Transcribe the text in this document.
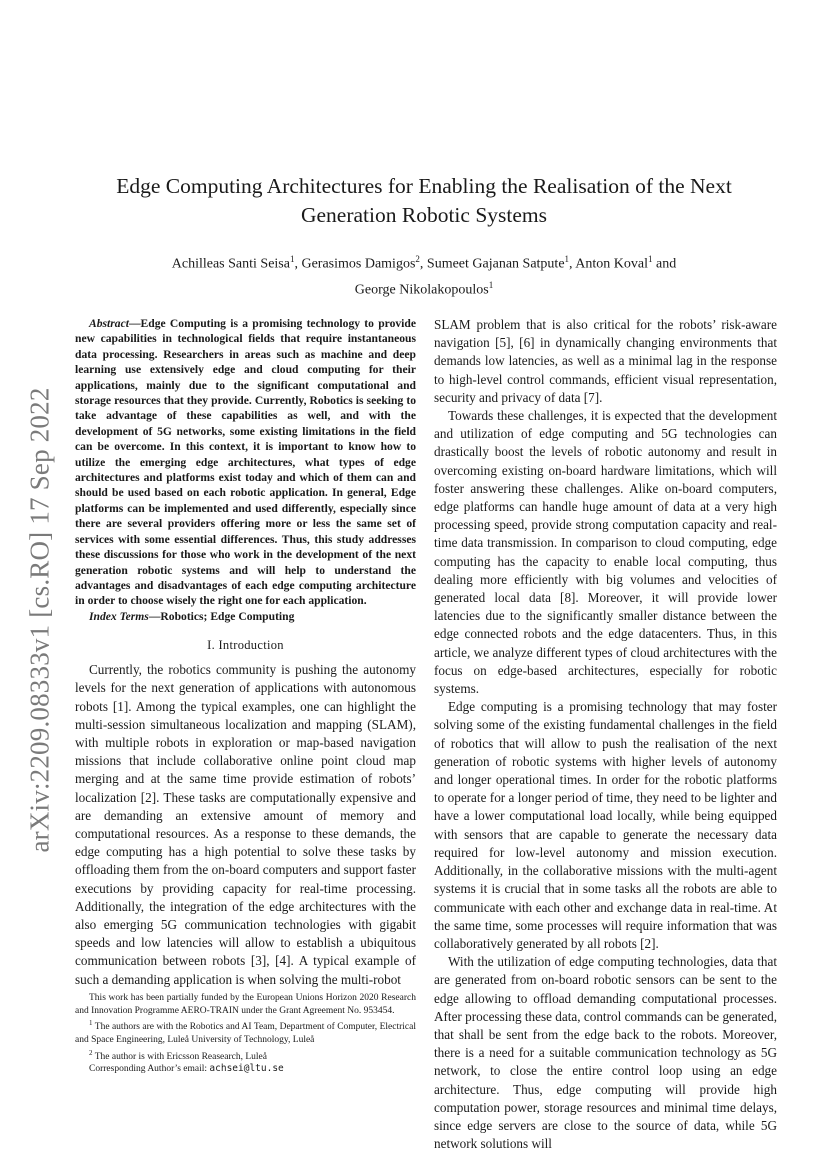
arXiv:2209.08333v1 [cs.RO] 17 Sep 2022
Edge Computing Architectures for Enabling the Realisation of the Next Generation Robotic Systems
Achilleas Santi Seisa$^1$, Gerasimos Damigos$^2$, Sumeet Gajanan Satpute$^1$, Anton Koval$^1$ and
George Nikolakopoulos$^1$

Abstract—Edge Computing is a promising technology to provide new capabilities in technological fields that require instantaneous data processing. Researchers in areas such as machine and deep learning use extensively edge and cloud computing for their applications, mainly due to the significant computational and storage resources that they provide. Currently, Robotics is seeking to take advantage of these capabilities as well, and with the development of 5G networks, some existing limitations in the field can be overcome. In this context, it is important to know how to utilize the emerging edge architectures, what types of edge architectures and platforms exist today and which of them can and should be used based on each robotic application. In general, Edge platforms can be implemented and used differently, especially since there are several providers offering more or less the same set of services with some essential differences. Thus, this study addresses these discussions for those who work in the development of the next generation robotic systems and will help to understand the advantages and disadvantages of each edge computing architecture in order to choose wisely the right one for each application.

Index Terms—Robotics; Edge Computing

I. Introduction

Currently, the robotics community is pushing the autonomy levels for the next generation of applications with autonomous robots [1]. Among the typical examples, one can highlight the multi-session simultaneous localization and mapping (SLAM), with multiple robots in exploration or map-based navigation missions that include collaborative online point cloud map merging and at the same time provide estimation of robots’ localization [2]. These tasks are computationally expensive and are demanding an extensive amount of memory and computational resources. As a response to these demands, the edge computing has a high potential to solve these tasks by offloading them from the on-board computers and support faster executions by providing capacity for real-time processing. Additionally, the integration of the edge architectures with the also emerging 5G communication technologies with gigabit speeds and low latencies will allow to establish a ubiquitous communication between robots [3], [4]. A typical example of such a demanding application is when solving the multi-robot

SLAM problem that is also critical for the robots’ risk-aware navigation [5], [6] in dynamically changing environments that demands low latencies, as well as a minimal lag in the response to high-level control commands, efficient visual representation, security and privacy of data [7].

Towards these challenges, it is expected that the development and utilization of edge computing and 5G technologies can drastically boost the levels of robotic autonomy and result in overcoming existing on-board hardware limitations, which will foster answering these challenges. Alike on-board computers, edge platforms can handle huge amount of data at a very high processing speed, provide strong computation capacity and real-time data transmission. In comparison to cloud computing, edge computing has the capacity to enable local computing, thus dealing more efficiently with big volumes and velocities of generated local data [8]. Moreover, it will provide lower latencies due to the significantly smaller distance between the edge connected robots and the edge datacenters. Thus, in this article, we analyze different types of cloud architectures with the focus on edge-based architectures, especially for robotic systems.

Edge computing is a promising technology that may foster solving some of the existing fundamental challenges in the field of robotics that will allow to push the realisation of the next generation of robotic systems with higher levels of autonomy and longer operational times. In order for the robotic platforms to operate for a longer period of time, they need to be lighter and have a lower computational load locally, while being equipped with sensors that are capable to generate the necessary data required for low-level autonomy and mission execution. Additionally, in the collaborative missions with the multi-agent systems it is crucial that in some tasks all the robots are able to communicate with each other and exchange data in real-time. At the same time, some processes will require information that was collaboratively generated by all robots [2].

With the utilization of edge computing technologies, data that are generated from on-board robotic sensors can be sent to the edge allowing to offload demanding computational processes. After processing these data, control commands can be generated, that shall be sent from the edge back to the robots. Moreover, there is a need for a suitable communication technology as 5G network, to close the entire control loop using an edge architecture. Thus, edge computing will provide high computation power, storage resources and minimal time delays, since edge servers are close to the source of data, while 5G network solutions will

This work has been partially funded by the European Unions Horizon 2020 Research and Innovation Programme AERO-TRAIN under the Grant Agreement No. 953454.

$^1$ The authors are with the Robotics and AI Team, Department of Computer, Electrical and Space Engineering, Luleå University of Technology, Luleå

$^2$ The author is with Ericsson Reasearch, Luleå

Corresponding Author’s email: achsei@ltu.se
